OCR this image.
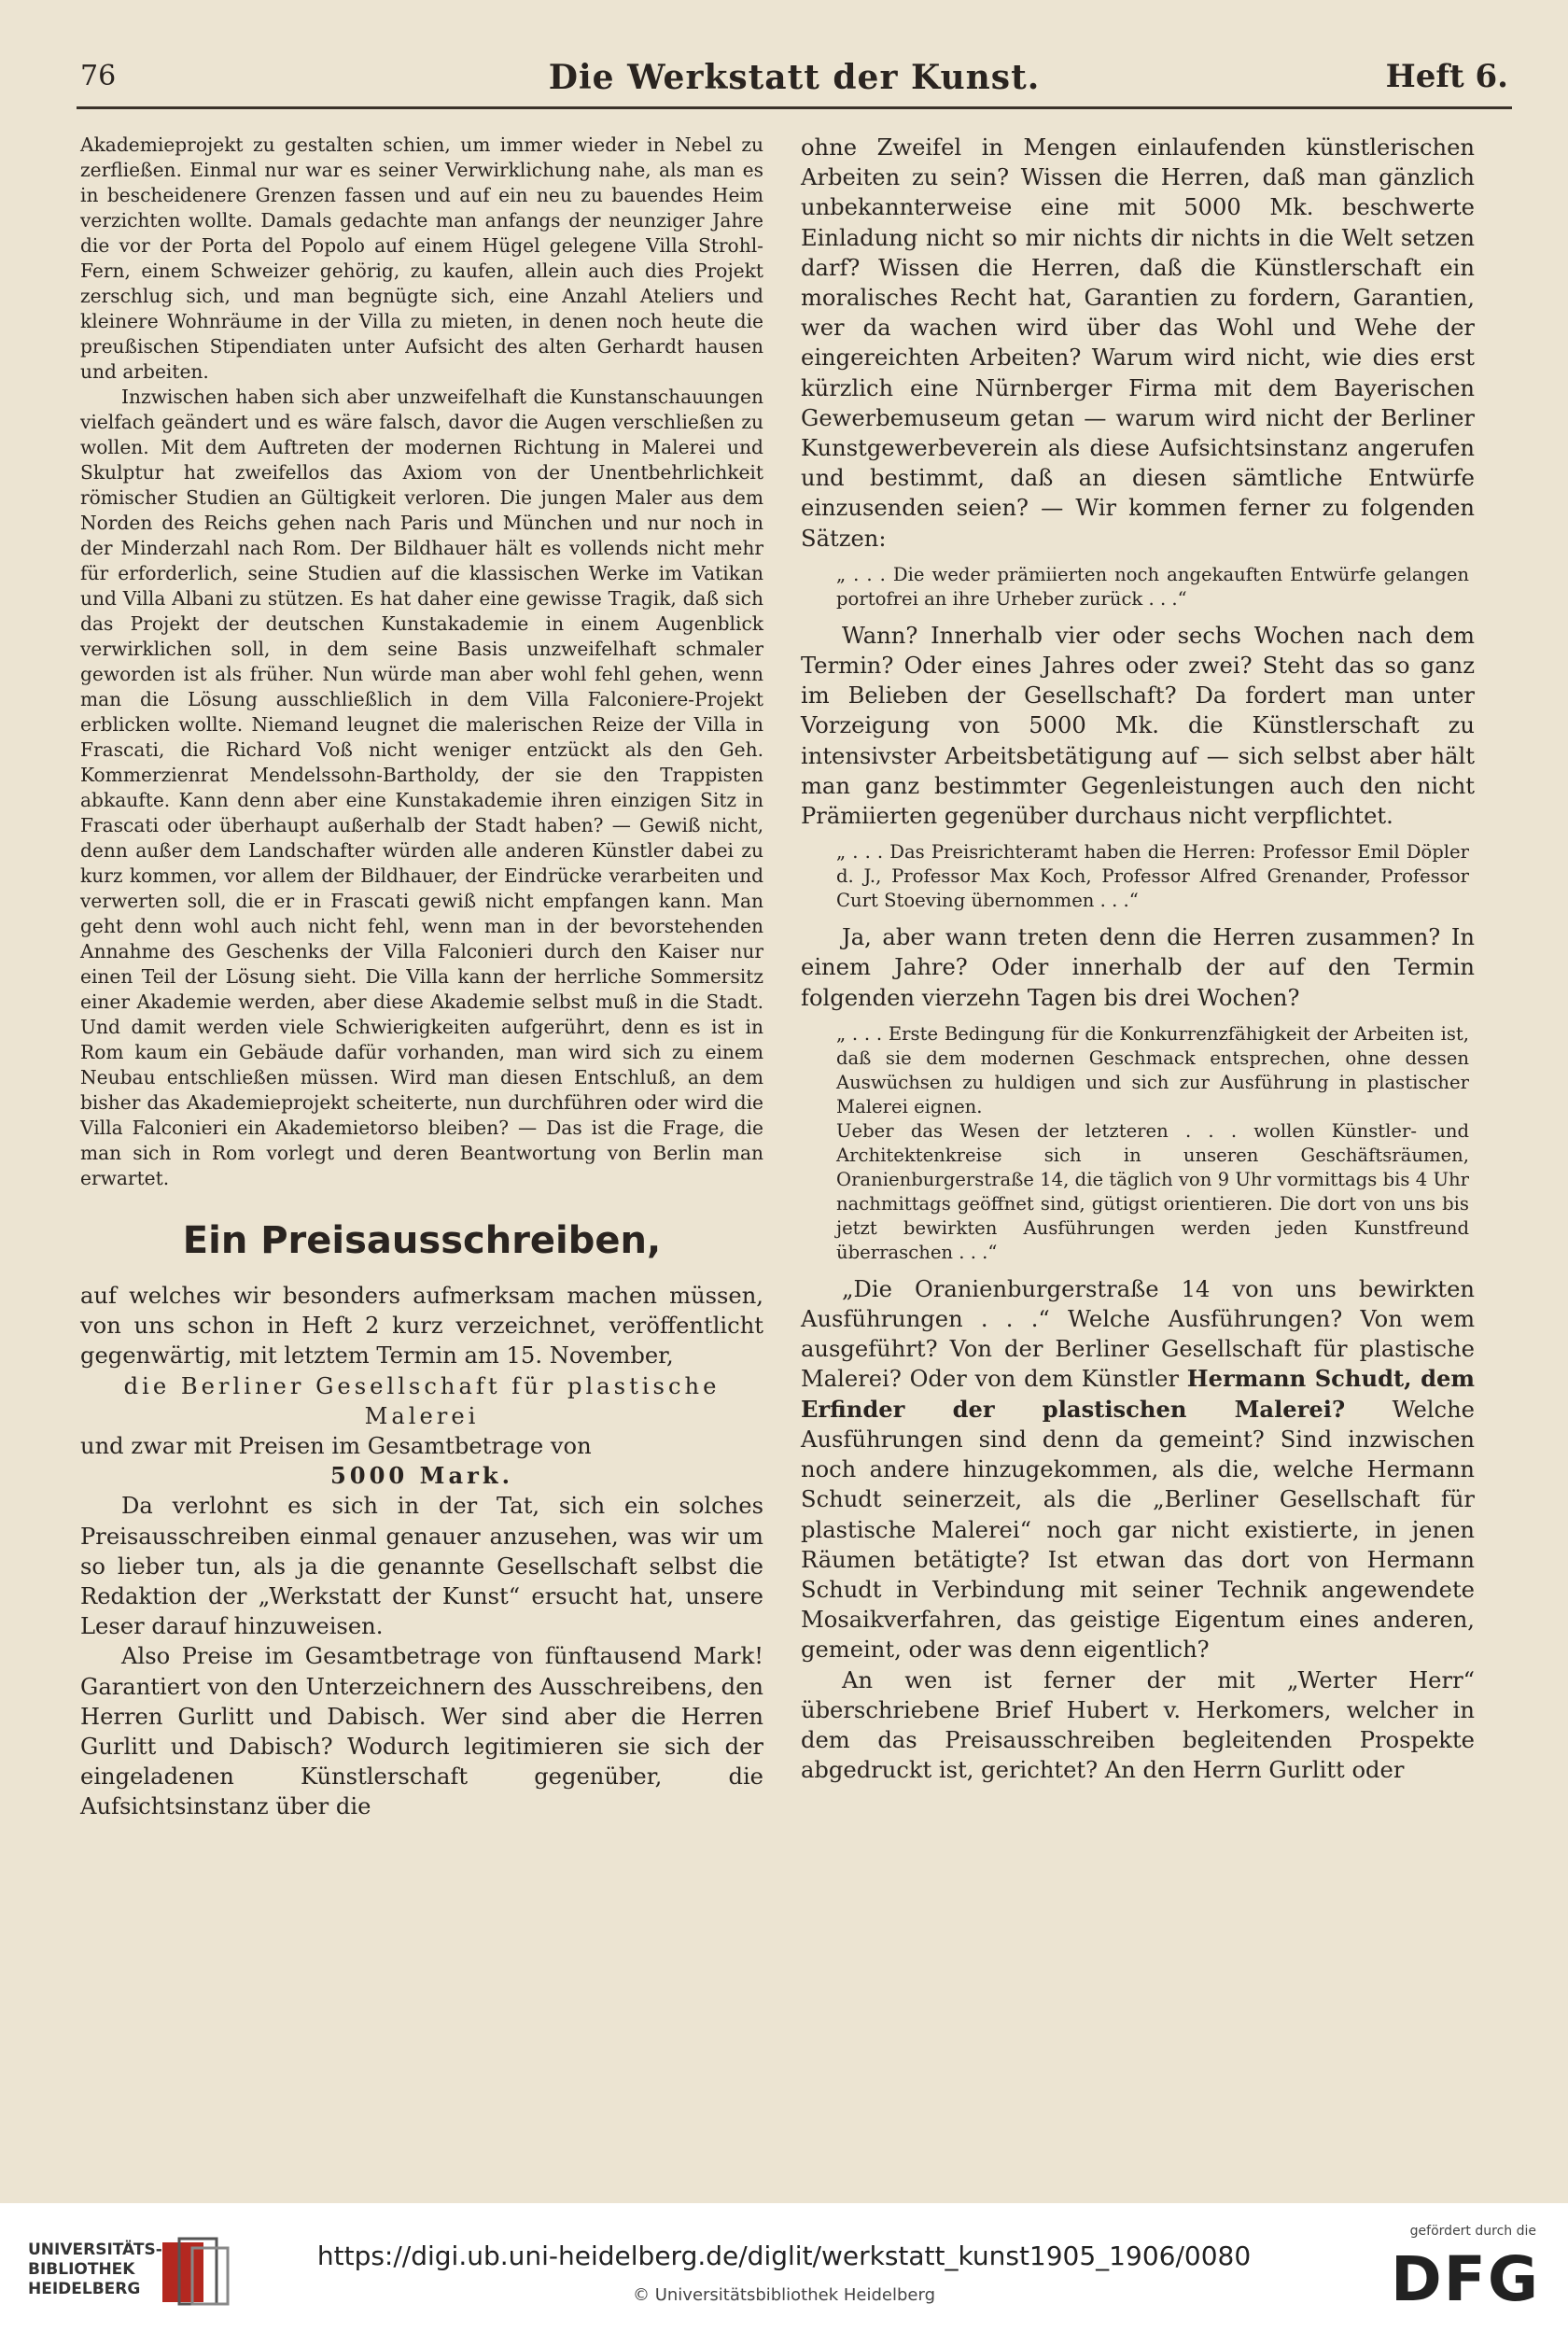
76	Die Werkstatt der Kunst.	Heft 6.

Akademieprojekt zu gestalten schien, um immer wieder in Nebel zu zerfließen. Einmal nur war es seiner Verwirklichung nahe, als man es in bescheidenere Grenzen fassen und auf ein neu zu bauendes Heim verzichten wollte. Damals gedachte man anfangs der neunziger Jahre die vor der Porta del Popolo auf einem Hügel gelegene Villa Strohl-Fern, einem Schweizer gehörig, zu kaufen, allein auch dies Projekt zerschlug sich, und man begnügte sich, eine Anzahl Ateliers und kleinere Wohnräume in der Villa zu mieten, in denen noch heute die preußischen Stipendiaten unter Aufsicht des alten Gerhardt hausen und arbeiten.

Inzwischen haben sich aber unzweifelhaft die Kunstanschauungen vielfach geändert und es wäre falsch, davor die Augen verschließen zu wollen. Mit dem Auftreten der modernen Richtung in Malerei und Skulptur hat zweifellos das Axiom von der Unentbehrlichkeit römischer Studien an Gültigkeit verloren. Die jungen Maler aus dem Norden des Reichs gehen nach Paris und München und nur noch in der Minderzahl nach Rom. Der Bildhauer hält es vollends nicht mehr für erforderlich, seine Studien auf die klassischen Werke im Vatikan und Villa Albani zu stützen. Es hat daher eine gewisse Tragik, daß sich das Projekt der deutschen Kunstakademie in einem Augenblick verwirklichen soll, in dem seine Basis unzweifelhaft schmaler geworden ist als früher. Nun würde man aber wohl fehl gehen, wenn man die Lösung ausschließlich in dem Villa Falconiere-Projekt erblicken wollte. Niemand leugnet die malerischen Reize der Villa in Frascati, die Richard Voß nicht weniger entzückt als den Geh. Kommerzienrat Mendelssohn-Bartholdy, der sie den Trappisten abkaufte. Kann denn aber eine Kunstakademie ihren einzigen Sitz in Frascati oder überhaupt außerhalb der Stadt haben? — Gewiß nicht, denn außer dem Landschafter würden alle anderen Künstler dabei zu kurz kommen, vor allem der Bildhauer, der Eindrücke verarbeiten und verwerten soll, die er in Frascati gewiß nicht empfangen kann. Man geht denn wohl auch nicht fehl, wenn man in der bevorstehenden Annahme des Geschenks der Villa Falconieri durch den Kaiser nur einen Teil der Lösung sieht. Die Villa kann der herrliche Sommersitz einer Akademie werden, aber diese Akademie selbst muß in die Stadt. Und damit werden viele Schwierigkeiten aufgerührt, denn es ist in Rom kaum ein Gebäude dafür vorhanden, man wird sich zu einem Neubau entschließen müssen. Wird man diesen Entschluß, an dem bisher das Akademieprojekt scheiterte, nun durchführen oder wird die Villa Falconieri ein Akademietorso bleiben? — Das ist die Frage, die man sich in Rom vorlegt und deren Beantwortung von Berlin man erwartet.

Ein Preisausschreiben,

auf welches wir besonders aufmerksam machen müssen, von uns schon in Heft 2 kurz verzeichnet, veröffentlicht gegenwärtig, mit letztem Termin am 15. November,

die Berliner Gesellschaft für plastische

Malerei

und zwar mit Preisen im Gesamtbetrage von

5000 Mark.

Da verlohnt es sich in der Tat, sich ein solches Preisausschreiben einmal genauer anzusehen, was wir um so lieber tun, als ja die genannte Gesellschaft selbst die Redaktion der „Werkstatt der Kunst“ ersucht hat, unsere Leser darauf hinzuweisen.

Also Preise im Gesamtbetrage von fünftausend Mark! Garantiert von den Unterzeichnern des Ausschreibens, den Herren Gurlitt und Dabisch. Wer sind aber die Herren Gurlitt und Dabisch? Wodurch legitimieren sie sich der eingeladenen Künstlerschaft gegenüber, die Aufsichtsinstanz über die

ohne Zweifel in Mengen einlaufenden künstlerischen Arbeiten zu sein? Wissen die Herren, daß man gänzlich unbekannterweise eine mit 5000 Mk. beschwerte Einladung nicht so mir nichts dir nichts in die Welt setzen darf? Wissen die Herren, daß die Künstlerschaft ein moralisches Recht hat, Garantien zu fordern, Garantien, wer da wachen wird über das Wohl und Wehe der eingereichten Arbeiten? Warum wird nicht, wie dies erst kürzlich eine Nürnberger Firma mit dem Bayerischen Gewerbemuseum getan — warum wird nicht der Berliner Kunstgewerbeverein als diese Aufsichtsinstanz angerufen und bestimmt, daß an diesen sämtliche Entwürfe einzusenden seien? — Wir kommen ferner zu folgenden Sätzen:

„ . . . Die weder prämiierten noch angekauften Entwürfe gelangen portofrei an ihre Urheber zurück . . .“

Wann? Innerhalb vier oder sechs Wochen nach dem Termin? Oder eines Jahres oder zwei? Steht das so ganz im Belieben der Gesellschaft? Da fordert man unter Vorzeigung von 5000 Mk. die Künstlerschaft zu intensivster Arbeitsbetätigung auf — sich selbst aber hält man ganz bestimmter Gegenleistungen auch den nicht Prämiierten gegenüber durchaus nicht verpflichtet.

„ . . . Das Preisrichteramt haben die Herren: Professor Emil Döpler d. J., Professor Max Koch, Professor Alfred Grenander, Professor Curt Stoeving übernommen . . .“

Ja, aber wann treten denn die Herren zusammen? In einem Jahre? Oder innerhalb der auf den Termin folgenden vierzehn Tagen bis drei Wochen?

„ . . . Erste Bedingung für die Konkurrenzfähigkeit der Arbeiten ist, daß sie dem modernen Geschmack entsprechen, ohne dessen Auswüchsen zu huldigen und sich zur Ausführung in plastischer Malerei eignen.

Ueber das Wesen der letzteren . . . wollen Künstler- und Architektenkreise sich in unseren Geschäftsräumen, Oranienburgerstraße 14, die täglich von 9 Uhr vormittags bis 4 Uhr nachmittags geöffnet sind, gütigst orientieren. Die dort von uns bis jetzt bewirkten Ausführungen werden jeden Kunstfreund überraschen . . .“

„Die Oranienburgerstraße 14 von uns bewirkten Ausführungen . . .“ Welche Ausführungen? Von wem ausgeführt? Von der Berliner Gesellschaft für plastische Malerei? Oder von dem Künstler Hermann Schudt, dem Erfinder der plastischen Malerei? Welche Ausführungen sind denn da gemeint? Sind inzwischen noch andere hinzugekommen, als die, welche Hermann Schudt seinerzeit, als die „Berliner Gesellschaft für plastische Malerei“ noch gar nicht existierte, in jenen Räumen betätigte? Ist etwan das dort von Hermann Schudt in Verbindung mit seiner Technik angewendete Mosaikverfahren, das geistige Eigentum eines anderen, gemeint, oder was denn eigentlich?

An wen ist ferner der mit „Werter Herr“ überschriebene Brief Hubert v. Herkomers, welcher in dem das Preisausschreiben begleitenden Prospekte abgedruckt ist, gerichtet? An den Herrn Gurlitt oder

UNIVERSITÄTS-
BIBLIOTHEK
HEIDELBERG
https://digi.ub.uni-heidelberg.de/diglit/werkstatt_kunst1905_1906/0080
© Universitätsbibliothek Heidelberg
gefördert durch die
DFG
